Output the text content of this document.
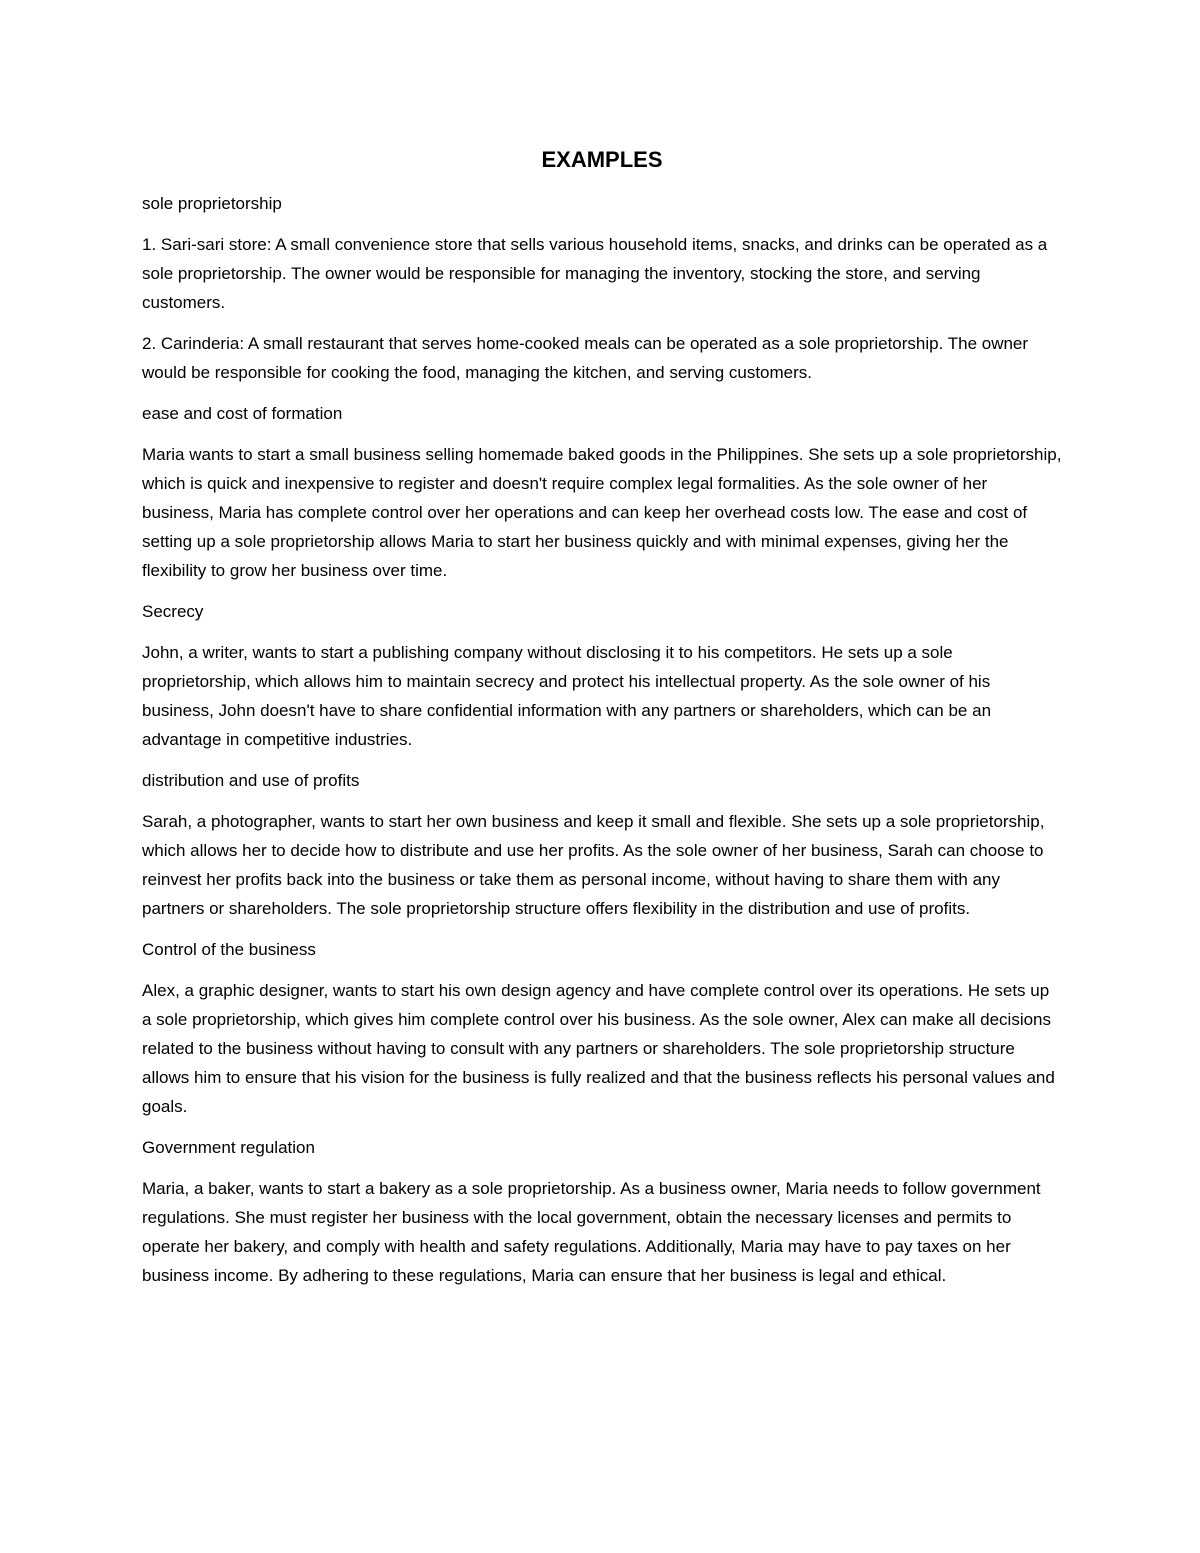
EXAMPLES

sole proprietorship

1. Sari-sari store: A small convenience store that sells various household items, snacks, and drinks can be operated as a sole proprietorship. The owner would be responsible for managing the inventory, stocking the store, and serving customers.

2. Carinderia: A small restaurant that serves home-cooked meals can be operated as a sole proprietorship. The owner would be responsible for cooking the food, managing the kitchen, and serving customers.

ease and cost of formation

Maria wants to start a small business selling homemade baked goods in the Philippines. She sets up a sole proprietorship, which is quick and inexpensive to register and doesn't require complex legal formalities. As the sole owner of her business, Maria has complete control over her operations and can keep her overhead costs low. The ease and cost of setting up a sole proprietorship allows Maria to start her business quickly and with minimal expenses, giving her the flexibility to grow her business over time.

Secrecy

John, a writer, wants to start a publishing company without disclosing it to his competitors. He sets up a sole proprietorship, which allows him to maintain secrecy and protect his intellectual property. As the sole owner of his business, John doesn't have to share confidential information with any partners or shareholders, which can be an advantage in competitive industries.

distribution and use of profits

Sarah, a photographer, wants to start her own business and keep it small and flexible. She sets up a sole proprietorship, which allows her to decide how to distribute and use her profits. As the sole owner of her business, Sarah can choose to reinvest her profits back into the business or take them as personal income, without having to share them with any partners or shareholders. The sole proprietorship structure offers flexibility in the distribution and use of profits.

Control of the business

Alex, a graphic designer, wants to start his own design agency and have complete control over its operations. He sets up a sole proprietorship, which gives him complete control over his business. As the sole owner, Alex can make all decisions related to the business without having to consult with any partners or shareholders. The sole proprietorship structure allows him to ensure that his vision for the business is fully realized and that the business reflects his personal values and goals.

Government regulation

Maria, a baker, wants to start a bakery as a sole proprietorship. As a business owner, Maria needs to follow government regulations. She must register her business with the local government, obtain the necessary licenses and permits to operate her bakery, and comply with health and safety regulations. Additionally, Maria may have to pay taxes on her business income. By adhering to these regulations, Maria can ensure that her business is legal and ethical.
